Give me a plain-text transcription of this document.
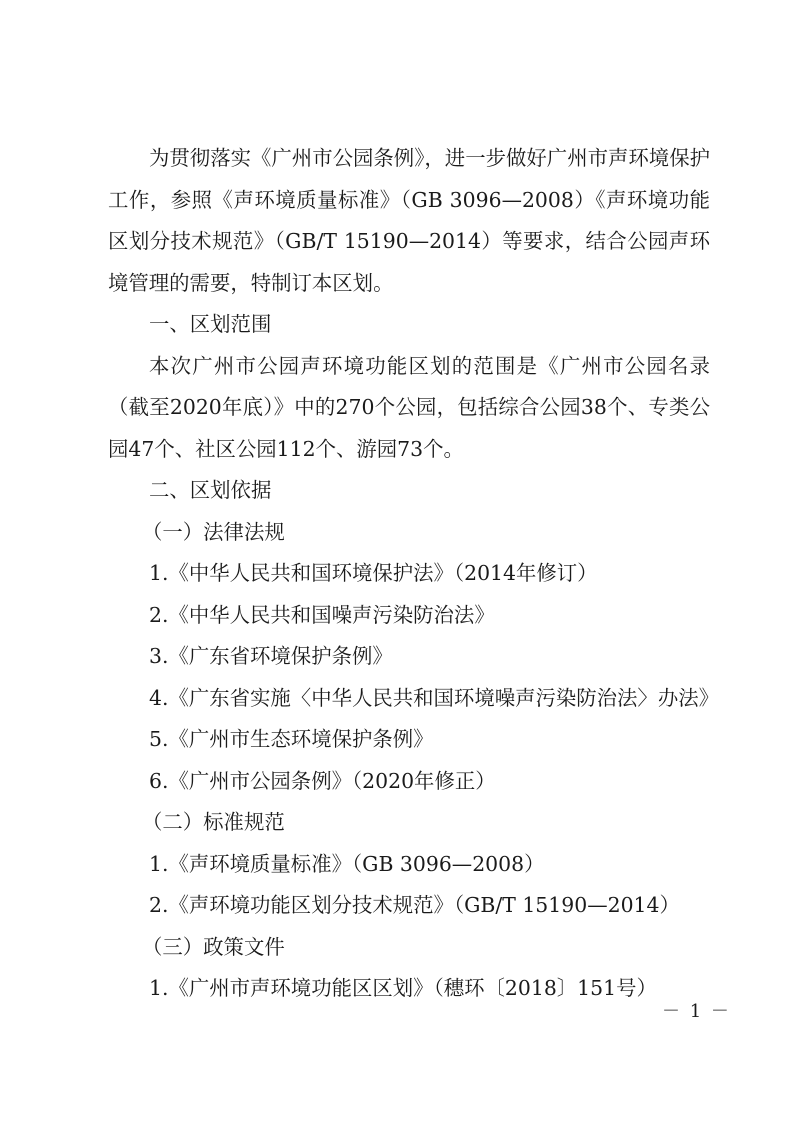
为贯彻落实《广州市公园条例》，进一步做好广州市声环境保护工作，参照《声环境质量标准》（GB 3096—2008）《声环境功能区划分技术规范》（GB/T 15190—2014）等要求，结合公园声环境管理的需要，特制订本区划。

一、区划范围

本次广州市公园声环境功能区划的范围是《广州市公园名录（截至2020年底）》中的270个公园，包括综合公园38个、专类公园47个、社区公园112个、游园73个。

二、区划依据

（一）法律法规

1.《中华人民共和国环境保护法》（2014年修订）

2.《中华人民共和国噪声污染防治法》

3.《广东省环境保护条例》

4.《广东省实施〈中华人民共和国环境噪声污染防治法〉办法》

5.《广州市生态环境保护条例》

6.《广州市公园条例》（2020年修正）

（二）标准规范

1.《声环境质量标准》（GB 3096—2008）

2.《声环境功能区划分技术规范》（GB/T 15190—2014）

（三）政策文件

1.《广州市声环境功能区区划》（穗环〔2018〕151号）

－ 1 －
